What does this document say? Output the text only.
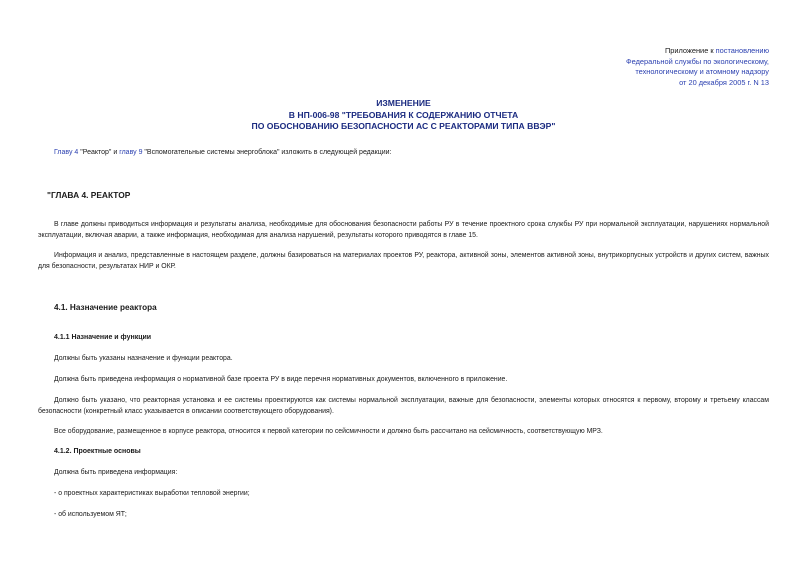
Приложение к постановлению
Федеральной службы по экологическому,
технологическому и атомному надзору
от 20 декабря 2005 г. N 13
ИЗМЕНЕНИЕ
В НП-006-98 "ТРЕБОВАНИЯ К СОДЕРЖАНИЮ ОТЧЕТА
ПО ОБОСНОВАНИЮ БЕЗОПАСНОСТИ АС С РЕАКТОРАМИ ТИПА ВВЭР"
Главу 4 "Реактор" и главу 9 "Вспомогательные системы энергоблока" изложить в следующей редакции:
"ГЛАВА 4. РЕАКТОР

В главе должны приводиться информация и результаты анализа, необходимые для обоснования безопасности работы РУ в течение проектного срока службы РУ при нормальной эксплуатации, нарушениях нормальной эксплуатации, включая аварии, а также информация, необходимая для анализа нарушений, результаты которого приводятся в главе 15.

Информация и анализ, представленные в настоящем разделе, должны базироваться на материалах проектов РУ, реактора, активной зоны, элементов активной зоны, внутрикорпусных устройств и других систем, важных для безопасности, результатах НИР и ОКР.

4.1. Назначение реактора
4.1.1 Назначение и функции
Должны быть указаны назначение и функции реактора.
Должна быть приведена информация о нормативной базе проекта РУ в виде перечня нормативных документов, включенного в приложение.

Должно быть указано, что реакторная установка и ее системы проектируются как системы нормальной эксплуатации, важные для безопасности, элементы которых относятся к первому, второму и третьему классам безопасности (конкретный класс указывается в описании соответствующего оборудования).

Все оборудование, размещенное в корпусе реактора, относится к первой категории по сейсмичности и должно быть рассчитано на сейсмичность, соответствующую МРЗ.
4.1.2. Проектные основы
Должна быть приведена информация:
- о проектных характеристиках выработки тепловой энергии;
- об используемом ЯТ;
